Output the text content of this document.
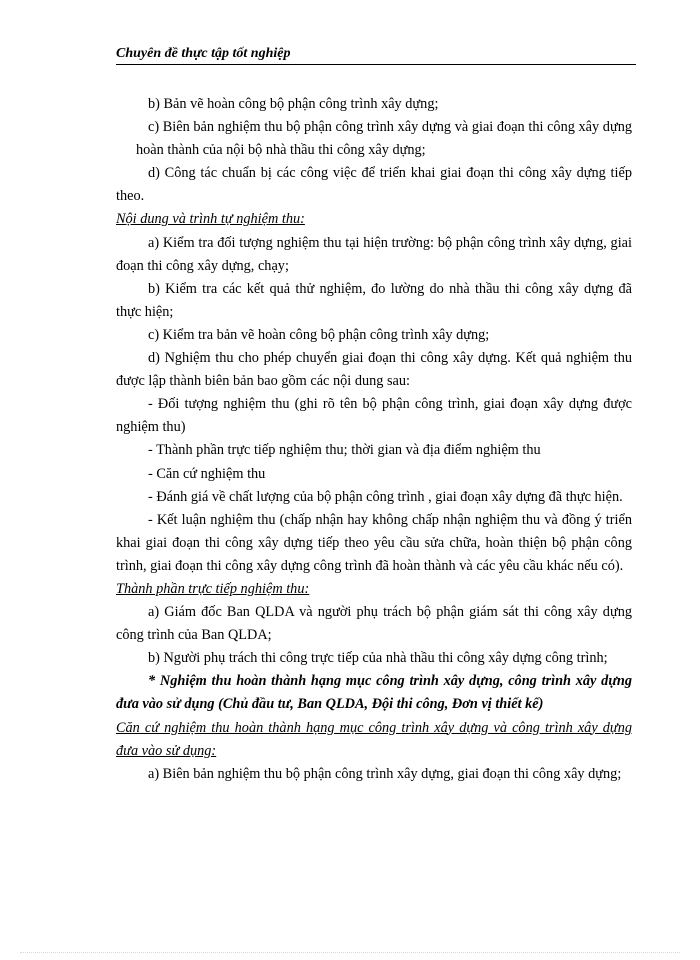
Chuyên đề thực tập tốt nghiệp

b) Bản vẽ hoàn công bộ phận công trình xây dựng;

c) Biên bản nghiệm thu bộ phận công trình xây dựng và giai đoạn thi công xây dựng hoàn thành của nội bộ nhà thầu thi công xây dựng;

d) Công tác chuẩn bị các công việc để triển khai giai đoạn thi công xây dựng tiếp theo.

Nội dung và trình tự nghiệm thu:

a) Kiểm tra đối tượng nghiệm thu tại hiện trường: bộ phận công trình xây dựng, giai đoạn thi công xây dựng, chạy;

b) Kiểm tra các kết quả thử nghiệm, đo lường do nhà thầu thi công xây dựng đã thực hiện;

c) Kiểm tra bản vẽ hoàn công bộ phận công trình xây dựng;

d) Nghiệm thu cho phép chuyển giai đoạn thi công xây dựng. Kết quả nghiệm thu được lập thành biên bản bao gồm các nội dung sau:

- Đối tượng nghiệm thu (ghi rõ tên bộ phận công trình, giai đoạn xây dựng được nghiệm thu)

- Thành phần trực tiếp nghiệm thu; thời gian và địa điểm nghiệm thu

- Căn cứ nghiệm thu

- Đánh giá về chất lượng của bộ phận công trình , giai đoạn xây dựng đã thực hiện.

- Kết luận nghiệm thu (chấp nhận hay không chấp nhận nghiệm thu và đồng ý triển khai giai đoạn thi công xây dựng tiếp theo yêu cầu sửa chữa, hoàn thiện bộ phận công trình, giai đoạn thi công xây dựng công trình đã hoàn thành và các yêu cầu khác nếu có).

Thành phần trực tiếp nghiệm thu:

a) Giám đốc Ban QLDA và người phụ trách bộ phận giám sát thi công xây dựng công trình của Ban QLDA;

b) Người phụ trách thi công trực tiếp của nhà thầu thi công xây dựng công trình;

* Nghiệm thu hoàn thành hạng mục công trình xây dựng, công trình xây dựng đưa vào sử dụng (Chủ đầu tư, Ban QLDA, Đội thi công, Đơn vị thiết kế)

Căn cứ nghiệm thu hoàn thành hạng mục công trình xây dựng và công trình xây dựng đưa vào sử dụng:

a) Biên bản nghiệm thu bộ phận công trình xây dựng, giai đoạn thi công xây dựng;
